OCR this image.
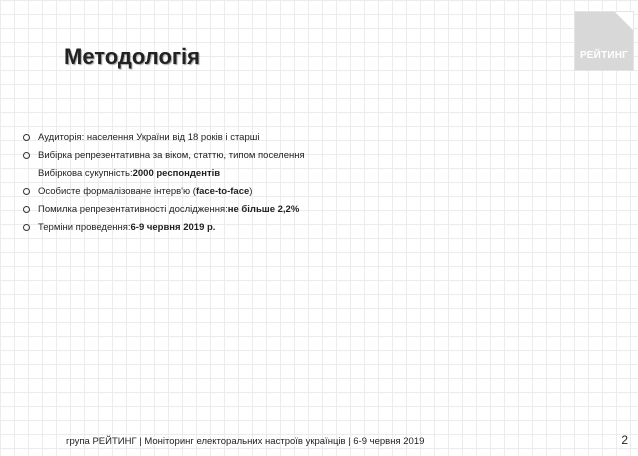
РЕЙТИНГ
Методологія
Аудиторія: населення України від 18 років і старші
Вибірка репрезентативна за віком, статтю, типом поселення
Вибіркова сукупність: 2000 респондентів
Особисте формалізоване інтерв'ю ( face-to-face )
Помилка репрезентативності дослідження: не більше 2,2%
Терміни проведення: 6-9 червня 2019 р.
група РЕЙТИНГ | Моніторинг електоральних настроїв українців | 6-9 червня 2019	2
